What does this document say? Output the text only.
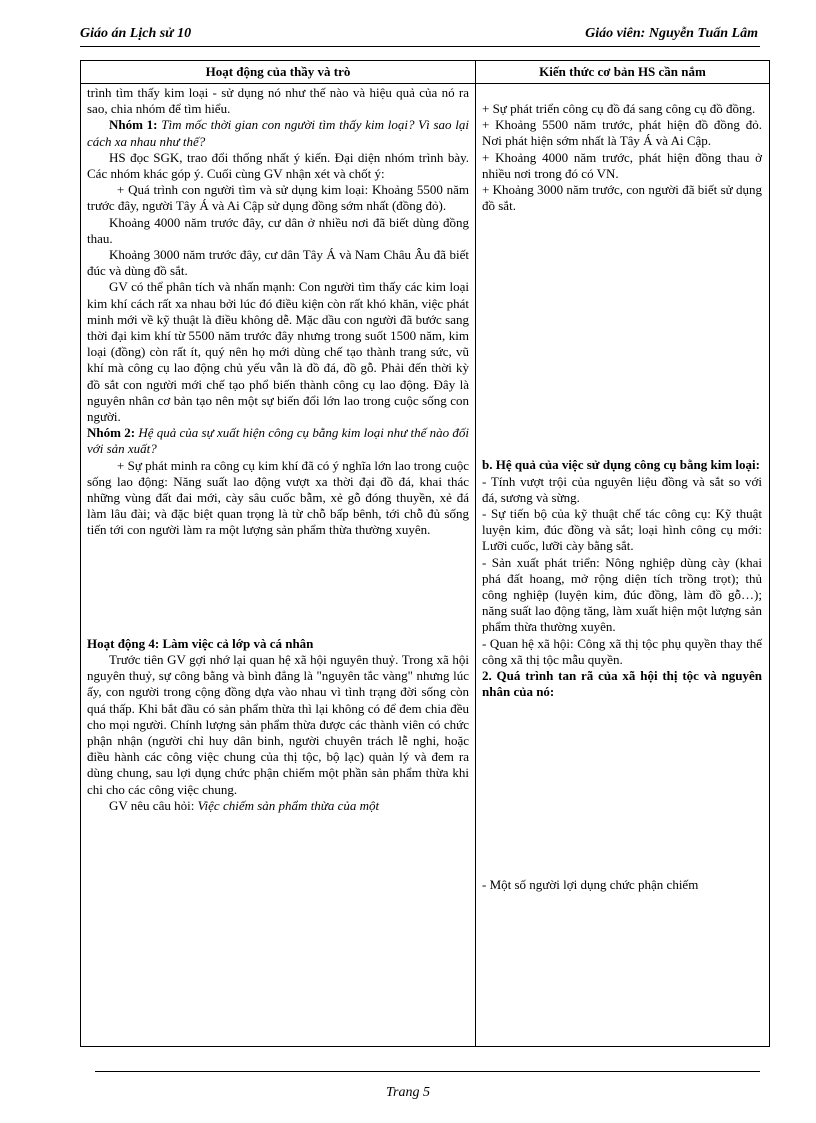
Giáo án Lịch sử 10	Giáo viên: Nguyễn Tuấn Lâm
Hoạt động của thầy và trò	Kiến thức cơ bản HS cần nắm

trình tìm thấy kim loại - sử dụng nó như thế nào và hiệu quả của nó ra sao, chia nhóm để tìm hiểu.

Nhóm 1: Tìm mốc thời gian con người tìm thấy kim loại? Vì sao lại cách xa nhau như thế?

HS đọc SGK, trao đổi thống nhất ý kiến. Đại diện nhóm trình bày. Các nhóm khác góp ý. Cuối cùng GV nhận xét và chốt ý:

+ Quá trình con người tìm và sử dụng kim loại: Khoảng 5500 năm trước đây, người Tây Á và Ai Cập sử dụng đồng sớm nhất (đồng đỏ).

Khoảng 4000 năm trước đây, cư dân ở nhiều nơi đã biết dùng đồng thau.

Khoảng 3000 năm trước đây, cư dân Tây Á và Nam Châu Âu đã biết đúc và dùng đồ sắt.

GV có thể phân tích và nhấn mạnh: Con người tìm thấy các kim loại kim khí cách rất xa nhau bởi lúc đó điều kiện còn rất khó khăn, việc phát minh mới về kỹ thuật là điều không dễ. Mặc dầu con người đã bước sang thời đại kim khí từ 5500 năm trước đây nhưng trong suốt 1500 năm, kim loại (đồng) còn rất ít, quý nên họ mới dùng chế tạo thành trang sức, vũ khí mà công cụ lao động chủ yếu vẫn là đồ đá, đồ gỗ. Phải đến thời kỳ đồ sắt con người mới chế tạo phổ biến thành công cụ lao động. Đây là nguyên nhân cơ bản tạo nên một sự biến đổi lớn lao trong cuộc sống con người.

Nhóm 2: Hệ quả của sự xuất hiện công cụ bằng kim loại như thế nào đối với sản xuất?

+ Sự phát minh ra công cụ kim khí đã có ý nghĩa lớn lao trong cuộc sống lao động: Năng suất lao động vượt xa thời đại đồ đá, khai thác những vùng đất đai mới, cày sâu cuốc bẫm, xẻ gỗ đóng thuyền, xẻ đá làm lâu đài; và đặc biệt quan trọng là từ chỗ bấp bênh, tới chỗ đủ sống tiến tới con người làm ra một lượng sản phẩm thừa thường xuyên.

Hoạt động 4: Làm việc cả lớp và cá nhân

Trước tiên GV gợi nhớ lại quan hệ xã hội nguyên thuỷ. Trong xã hội nguyên thuỷ, sự công bằng và bình đẳng là "nguyên tắc vàng" nhưng lúc ấy, con người trong cộng đồng dựa vào nhau vì tình trạng đời sống còn quá thấp. Khi bắt đầu có sản phẩm thừa thì lại không có để đem chia đều cho mọi người. Chính lượng sản phẩm thừa được các thành viên có chức phận nhận (người chỉ huy dân binh, người chuyên trách lễ nghi, hoặc điều hành các công việc chung của thị tộc, bộ lạc) quản lý và đem ra dùng chung, sau lợi dụng chức phận chiếm một phần sản phẩm thừa khi chi cho các công việc chung.

GV nêu câu hỏi: Việc chiếm sản phẩm thừa của một

+ Sự phát triển công cụ đồ đá sang công cụ đồ đồng.

+ Khoảng 5500 năm trước, phát hiện đồ đồng đỏ. Nơi phát hiện sớm nhất là Tây Á và Ai Cập.

+ Khoảng 4000 năm trước, phát hiện đồng thau ở nhiều nơi trong đó có VN.

+ Khoảng 3000 năm trước, con người đã biết sử dụng đồ sắt.

b. Hệ quả của việc sử dụng công cụ bằng kim loại:

- Tính vượt trội của nguyên liệu đồng và sắt so với đá, sương và sừng.

- Sự tiến bộ của kỹ thuật chế tác công cụ: Kỹ thuật luyện kim, đúc đồng và sắt; loại hình công cụ mới: Lưỡi cuốc, lưỡi cày bằng sắt.

- Sản xuất phát triển: Nông nghiệp dùng cày (khai phá đất hoang, mở rộng diện tích trồng trọt); thủ công nghiệp (luyện kim, đúc đồng, làm đồ gỗ…); năng suất lao động tăng, làm xuất hiện một lượng sản phẩm thừa thường xuyên.

- Quan hệ xã hội: Công xã thị tộc phụ quyền thay thế công xã thị tộc mẫu quyền.

2. Quá trình tan rã của xã hội thị tộc và nguyên nhân của nó:

- Một số người lợi dụng chức phận chiếm

Trang 5
